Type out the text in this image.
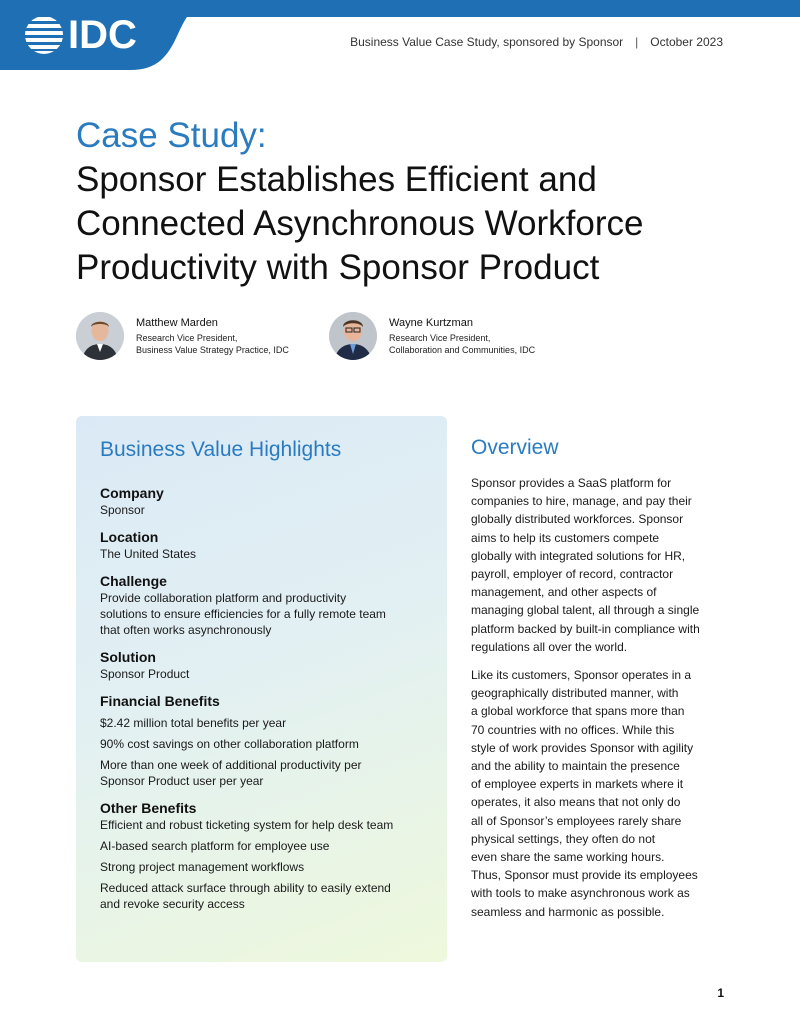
IDC	Business Value Case Study, sponsored by Sponsor | October 2023
Case Study:
Sponsor Establishes Efficient and
Connected Asynchronous Workforce
Productivity with Sponsor Product
Matthew Marden
Research Vice President,
Business Value Strategy Practice, IDC
Wayne Kurtzman
Research Vice President,
Collaboration and Communities, IDC
Business Value Highlights
Company
Sponsor
Location
The United States
Challenge
Provide collaboration platform and productivity
solutions to ensure efficiencies for a fully remote team
that often works asynchronously
Solution
Sponsor Product
Financial Benefits
$2.42 million total benefits per year
90% cost savings on other collaboration platform
More than one week of additional productivity per
Sponsor Product user per year
Other Benefits
Efficient and robust ticketing system for help desk team
AI-based search platform for employee use
Strong project management workflows
Reduced attack surface through ability to easily extend
and revoke security access
Overview
Sponsor provides a SaaS platform for
companies to hire, manage, and pay their
globally distributed workforces. Sponsor
aims to help its customers compete
globally with integrated solutions for HR,
payroll, employer of record, contractor
management, and other aspects of
managing global talent, all through a single
platform backed by built-in compliance with
regulations all over the world.
Like its customers, Sponsor operates in a
geographically distributed manner, with
a global workforce that spans more than
70 countries with no offices. While this
style of work provides Sponsor with agility
and the ability to maintain the presence
of employee experts in markets where it
operates, it also means that not only do
all of Sponsor’s employees rarely share
physical settings, they often do not
even share the same working hours.
Thus, Sponsor must provide its employees
with tools to make asynchronous work as
seamless and harmonic as possible.
1
